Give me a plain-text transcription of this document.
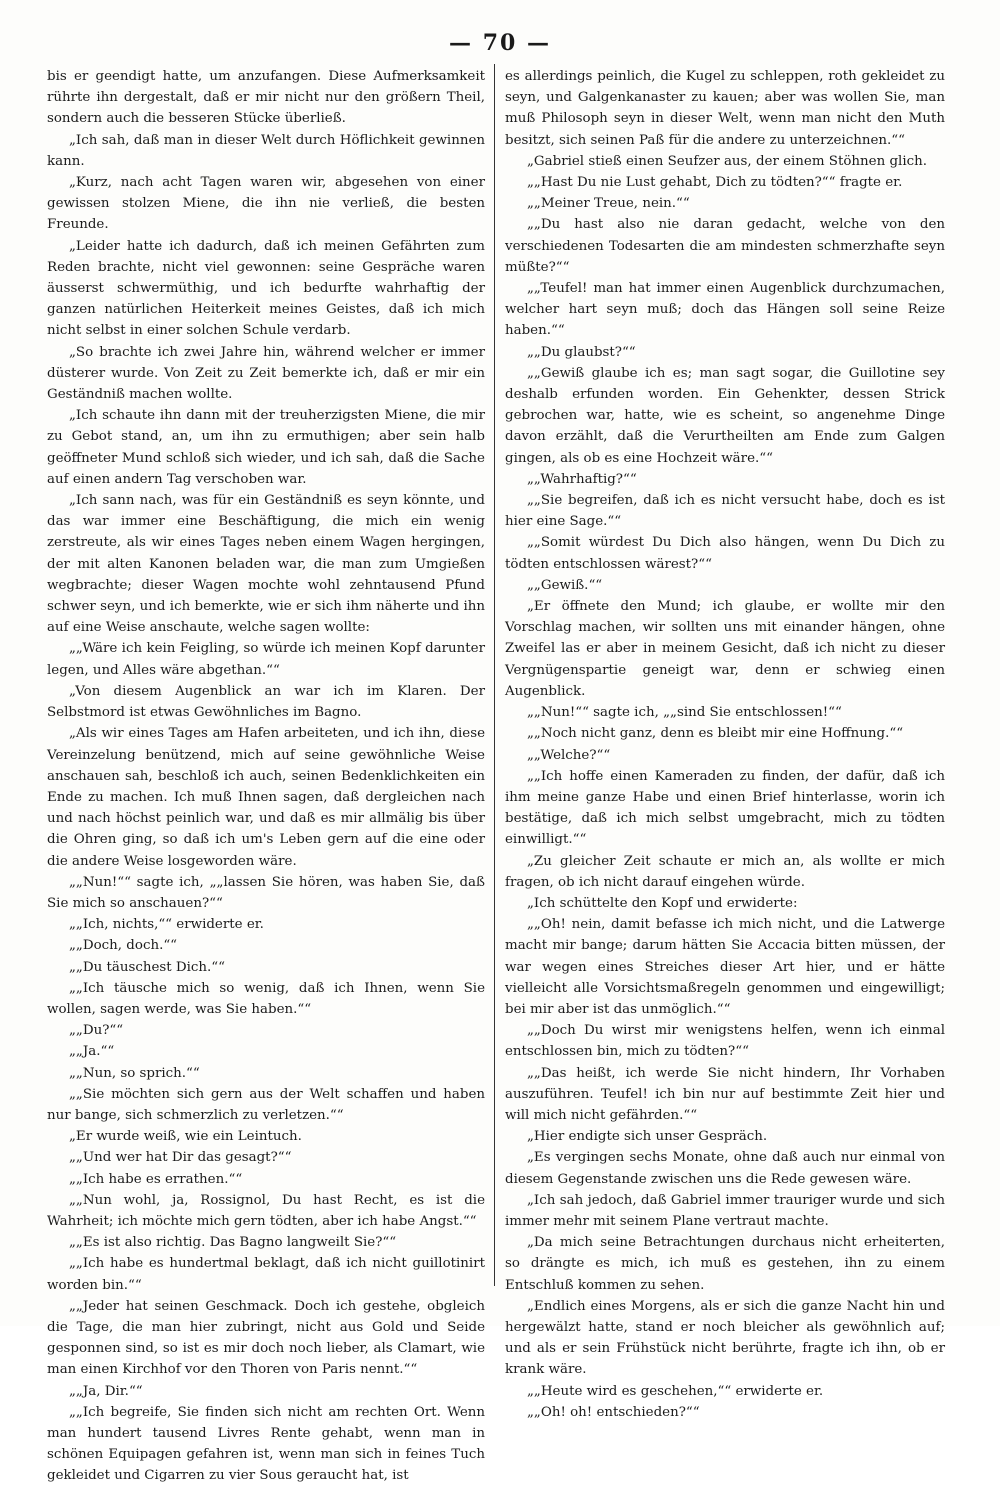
— 70 —

bis er geendigt hatte, um anzufangen. Diese Aufmerksamkeit rührte ihn dergestalt, daß er mir nicht nur den größern Theil, sondern auch die besseren Stücke überließ.

„Ich sah, daß man in dieser Welt durch Höflichkeit gewinnen kann.

„Kurz, nach acht Tagen waren wir, abgesehen von einer gewissen stolzen Miene, die ihn nie verließ, die besten Freunde.

„Leider hatte ich dadurch, daß ich meinen Gefährten zum Reden brachte, nicht viel gewonnen: seine Gespräche waren äusserst schwermüthig, und ich bedurfte wahrhaftig der ganzen natürlichen Heiterkeit meines Geistes, daß ich mich nicht selbst in einer solchen Schule verdarb.

„So brachte ich zwei Jahre hin, während welcher er immer düsterer wurde. Von Zeit zu Zeit bemerkte ich, daß er mir ein Geständniß machen wollte.

„Ich schaute ihn dann mit der treuherzigsten Miene, die mir zu Gebot stand, an, um ihn zu ermuthigen; aber sein halb geöffneter Mund schloß sich wieder, und ich sah, daß die Sache auf einen andern Tag verschoben war.

„Ich sann nach, was für ein Geständniß es seyn könnte, und das war immer eine Beschäftigung, die mich ein wenig zerstreute, als wir eines Tages neben einem Wagen hergingen, der mit alten Kanonen beladen war, die man zum Umgießen wegbrachte; dieser Wagen mochte wohl zehntausend Pfund schwer seyn, und ich bemerkte, wie er sich ihm näherte und ihn auf eine Weise anschaute, welche sagen wollte:

„„Wäre ich kein Feigling, so würde ich meinen Kopf darunter legen, und Alles wäre abgethan.““

„Von diesem Augenblick an war ich im Klaren. Der Selbstmord ist etwas Gewöhnliches im Bagno.

„Als wir eines Tages am Hafen arbeiteten, und ich ihn, diese Vereinzelung benützend, mich auf seine gewöhnliche Weise anschauen sah, beschloß ich auch, seinen Bedenklichkeiten ein Ende zu machen. Ich muß Ihnen sagen, daß dergleichen nach und nach höchst peinlich war, und daß es mir allmälig bis über die Ohren ging, so daß ich um's Leben gern auf die eine oder die andere Weise losgeworden wäre.

„„Nun!““ sagte ich, „„lassen Sie hören, was haben Sie, daß Sie mich so anschauen?““

„„Ich, nichts,““ erwiderte er.

„„Doch, doch.““

„„Du täuschest Dich.““

„„Ich täusche mich so wenig, daß ich Ihnen, wenn Sie wollen, sagen werde, was Sie haben.““

„„Du?““

„„Ja.““

„„Nun, so sprich.““

„„Sie möchten sich gern aus der Welt schaffen und haben nur bange, sich schmerzlich zu verletzen.““

„Er wurde weiß, wie ein Leintuch.

„„Und wer hat Dir das gesagt?““

„„Ich habe es errathen.““

„„Nun wohl, ja, Rossignol, Du hast Recht, es ist die Wahrheit; ich möchte mich gern tödten, aber ich habe Angst.““

„„Es ist also richtig. Das Bagno langweilt Sie?““

„„Ich habe es hundertmal beklagt, daß ich nicht guillotinirt worden bin.““

„„Jeder hat seinen Geschmack. Doch ich gestehe, obgleich die Tage, die man hier zubringt, nicht aus Gold und Seide gesponnen sind, so ist es mir doch noch lieber, als Clamart, wie man einen Kirchhof vor den Thoren von Paris nennt.““

„„Ja, Dir.““

„„Ich begreife, Sie finden sich nicht am rechten Ort. Wenn man hundert tausend Livres Rente gehabt, wenn man in schönen Equipagen gefahren ist, wenn man sich in feines Tuch gekleidet und Cigarren zu vier Sous geraucht hat, ist

es allerdings peinlich, die Kugel zu schleppen, roth gekleidet zu seyn, und Galgenkanaster zu kauen; aber was wollen Sie, man muß Philosoph seyn in dieser Welt, wenn man nicht den Muth besitzt, sich seinen Paß für die andere zu unterzeichnen.““

„Gabriel stieß einen Seufzer aus, der einem Stöhnen glich.

„„Hast Du nie Lust gehabt, Dich zu tödten?““ fragte er.

„„Meiner Treue, nein.““

„„Du hast also nie daran gedacht, welche von den verschiedenen Todesarten die am mindesten schmerzhafte seyn müßte?““

„„Teufel! man hat immer einen Augenblick durchzumachen, welcher hart seyn muß; doch das Hängen soll seine Reize haben.““

„„Du glaubst?““

„„Gewiß glaube ich es; man sagt sogar, die Guillotine sey deshalb erfunden worden. Ein Gehenkter, dessen Strick gebrochen war, hatte, wie es scheint, so angenehme Dinge davon erzählt, daß die Verurtheilten am Ende zum Galgen gingen, als ob es eine Hochzeit wäre.““

„„Wahrhaftig?““

„„Sie begreifen, daß ich es nicht versucht habe, doch es ist hier eine Sage.““

„„Somit würdest Du Dich also hängen, wenn Du Dich zu tödten entschlossen wärest?““

„„Gewiß.““

„Er öffnete den Mund; ich glaube, er wollte mir den Vorschlag machen, wir sollten uns mit einander hängen, ohne Zweifel las er aber in meinem Gesicht, daß ich nicht zu dieser Vergnügenspartie geneigt war, denn er schwieg einen Augenblick.

„„Nun!““ sagte ich, „„sind Sie entschlossen!““

„„Noch nicht ganz, denn es bleibt mir eine Hoffnung.““

„„Welche?““

„„Ich hoffe einen Kameraden zu finden, der dafür, daß ich ihm meine ganze Habe und einen Brief hinterlasse, worin ich bestätige, daß ich mich selbst umgebracht, mich zu tödten einwilligt.““

„Zu gleicher Zeit schaute er mich an, als wollte er mich fragen, ob ich nicht darauf eingehen würde.

„Ich schüttelte den Kopf und erwiderte:

„„Oh! nein, damit befasse ich mich nicht, und die Latwerge macht mir bange; darum hätten Sie Accacia bitten müssen, der war wegen eines Streiches dieser Art hier, und er hätte vielleicht alle Vorsichtsmaßregeln genommen und eingewilligt; bei mir aber ist das unmöglich.““

„„Doch Du wirst mir wenigstens helfen, wenn ich einmal entschlossen bin, mich zu tödten?““

„„Das heißt, ich werde Sie nicht hindern, Ihr Vorhaben auszuführen. Teufel! ich bin nur auf bestimmte Zeit hier und will mich nicht gefährden.““

„Hier endigte sich unser Gespräch.

„Es vergingen sechs Monate, ohne daß auch nur einmal von diesem Gegenstande zwischen uns die Rede gewesen wäre.

„Ich sah jedoch, daß Gabriel immer trauriger wurde und sich immer mehr mit seinem Plane vertraut machte.

„Da mich seine Betrachtungen durchaus nicht erheiterten, so drängte es mich, ich muß es gestehen, ihn zu einem Entschluß kommen zu sehen.

„Endlich eines Morgens, als er sich die ganze Nacht hin und hergewälzt hatte, stand er noch bleicher als gewöhnlich auf; und als er sein Frühstück nicht berührte, fragte ich ihn, ob er krank wäre.

„„Heute wird es geschehen,““ erwiderte er.

„„Oh! oh! entschieden?““
